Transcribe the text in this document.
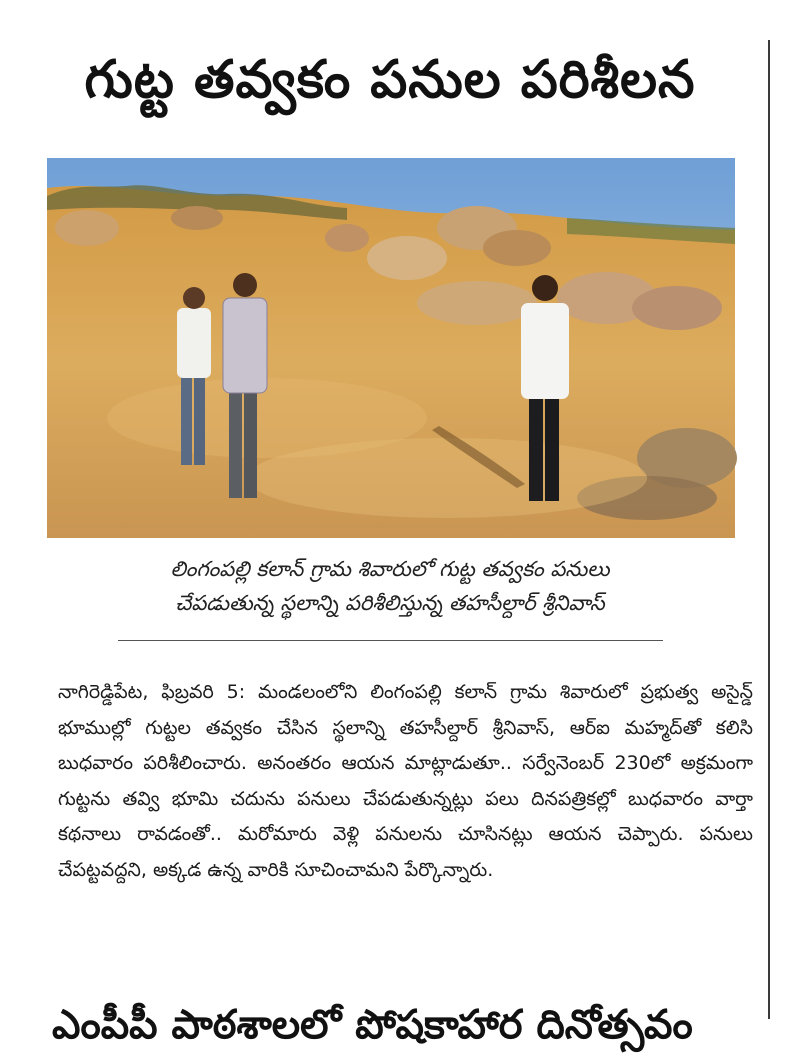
గుట్ట తవ్వకం పనుల పరిశీలన
లింగంపల్లి కలాన్ గ్రామ శివారులో గుట్ట తవ్వకం పనులు
చేపడుతున్న స్థలాన్ని పరిశీలిస్తున్న తహసీల్దార్ శ్రీనివాస్

నాగిరెడ్డిపేట, ఫిబ్రవరి 5: మండలంలోని లింగంపల్లి కలాన్ గ్రామ శివారులో ప్రభుత్వ అసైన్డ్ భూముల్లో గుట్టల తవ్వకం చేసిన స్థలాన్ని తహసీల్దార్ శ్రీనివాస్, ఆర్ఐ మహ్మద్‌తో కలిసి బుధవారం పరిశీలించారు. అనంతరం ఆయన మాట్లాడుతూ.. సర్వేనెంబర్ 230లో అక్రమంగా గుట్టను తవ్వి భూమి చదును పనులు చేపడుతున్నట్లు పలు దినపత్రికల్లో బుధవారం వార్తా కథనాలు రావడంతో.. మరోమారు వెళ్లి పనులను చూసినట్లు ఆయన చెప్పారు. పనులు చేపట్టవద్దని, అక్కడ ఉన్న వారికి సూచించామని పేర్కొన్నారు.

ఎంపీపీ పాఠశాలలో పోషకాహార దినోత్సవం
